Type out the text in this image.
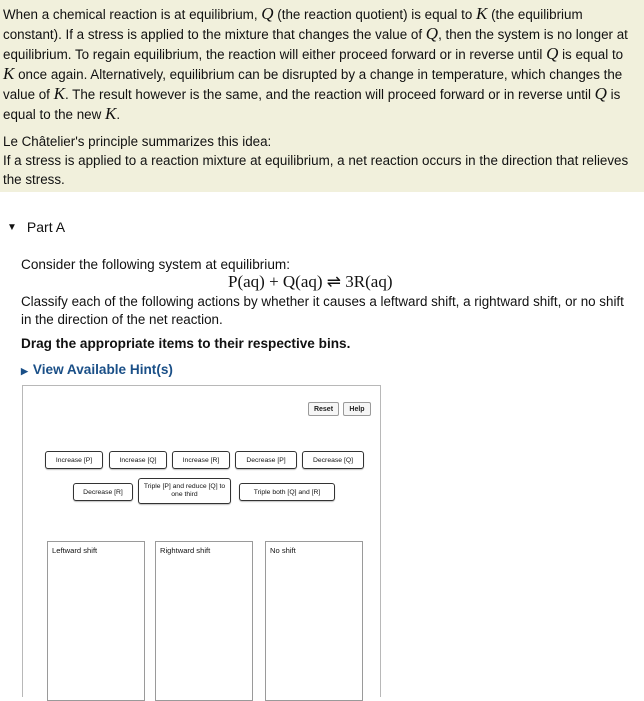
When a chemical reaction is at equilibrium, Q (the reaction quotient) is equal to K (the equilibrium constant). If a stress is applied to the mixture that changes the value of Q, then the system is no longer at equilibrium. To regain equilibrium, the reaction will either proceed forward or in reverse until Q is equal to K once again. Alternatively, equilibrium can be disrupted by a change in temperature, which changes the value of K. The result however is the same, and the reaction will proceed forward or in reverse until Q is equal to the new K.

Le Châtelier's principle summarizes this idea:

If a stress is applied to a reaction mixture at equilibrium, a net reaction occurs in the direction that relieves the stress.

▼ Part A
Consider the following system at equilibrium:
P(aq) + Q(aq) ⇌ 3R(aq)
Classify each of the following actions by whether it causes a leftward shift, a rightward shift, or no shift in the direction of the net reaction.
Drag the appropriate items to their respective bins.
▶ View Available Hint(s)
Reset	Help
Increase [P]	Increase [Q]	Increase [R]	Decrease [P]	Decrease [Q]
Decrease [R]
Triple [P] and reduce [Q] to one third	Triple both [Q] and [R]
Leftward shift	Rightward shift	No shift
